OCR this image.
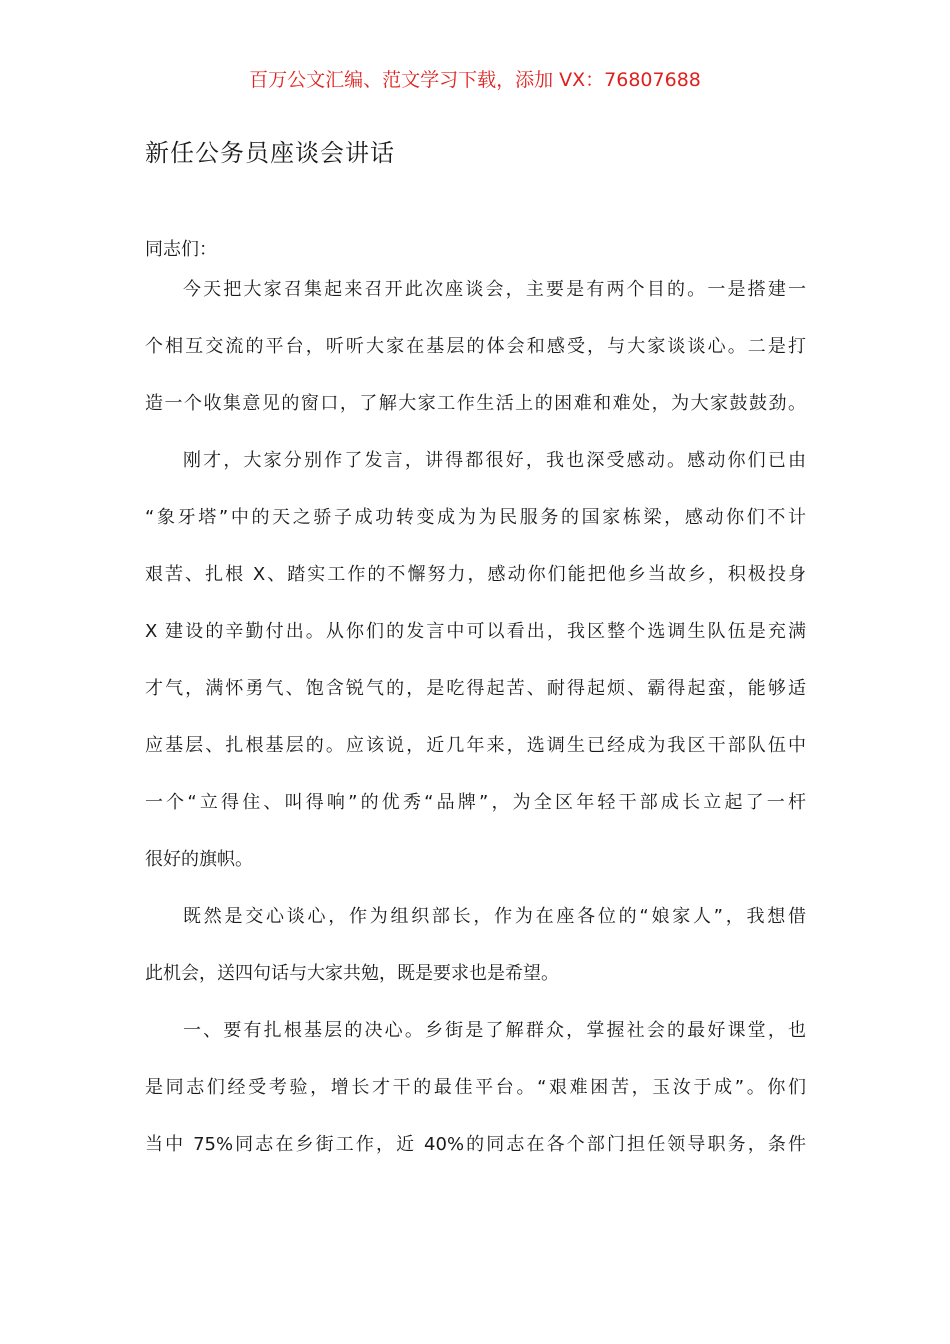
百万公文汇编、范文学习下载，添加 VX：76807688
新任公务员座谈会讲话
同志们：
今天把大家召集起来召开此次座谈会，主要是有两个目的。一是搭建一
个相互交流的平台，听听大家在基层的体会和感受，与大家谈谈心。二是打
造一个收集意见的窗口，了解大家工作生活上的困难和难处，为大家鼓鼓劲。
刚才，大家分别作了发言，讲得都很好，我也深受感动。感动你们已由
“象牙塔”中的天之骄子成功转变成为为民服务的国家栋梁，感动你们不计
艰苦、扎根 X、踏实工作的不懈努力，感动你们能把他乡当故乡，积极投身
X 建设的辛勤付出。从你们的发言中可以看出，我区整个选调生队伍是充满
才气，满怀勇气、饱含锐气的，是吃得起苦、耐得起烦、霸得起蛮，能够适
应基层、扎根基层的。应该说，近几年来，选调生已经成为我区干部队伍中
一个“立得住、叫得响”的优秀“品牌”，为全区年轻干部成长立起了一杆
很好的旗帜。
既然是交心谈心，作为组织部长，作为在座各位的“娘家人”，我想借
此机会，送四句话与大家共勉，既是要求也是希望。
一、要有扎根基层的决心。乡街是了解群众，掌握社会的最好课堂，也
是同志们经受考验，增长才干的最佳平台。“艰难困苦，玉汝于成”。你们
当中 75%同志在乡街工作，近 40%的同志在各个部门担任领导职务，条件
